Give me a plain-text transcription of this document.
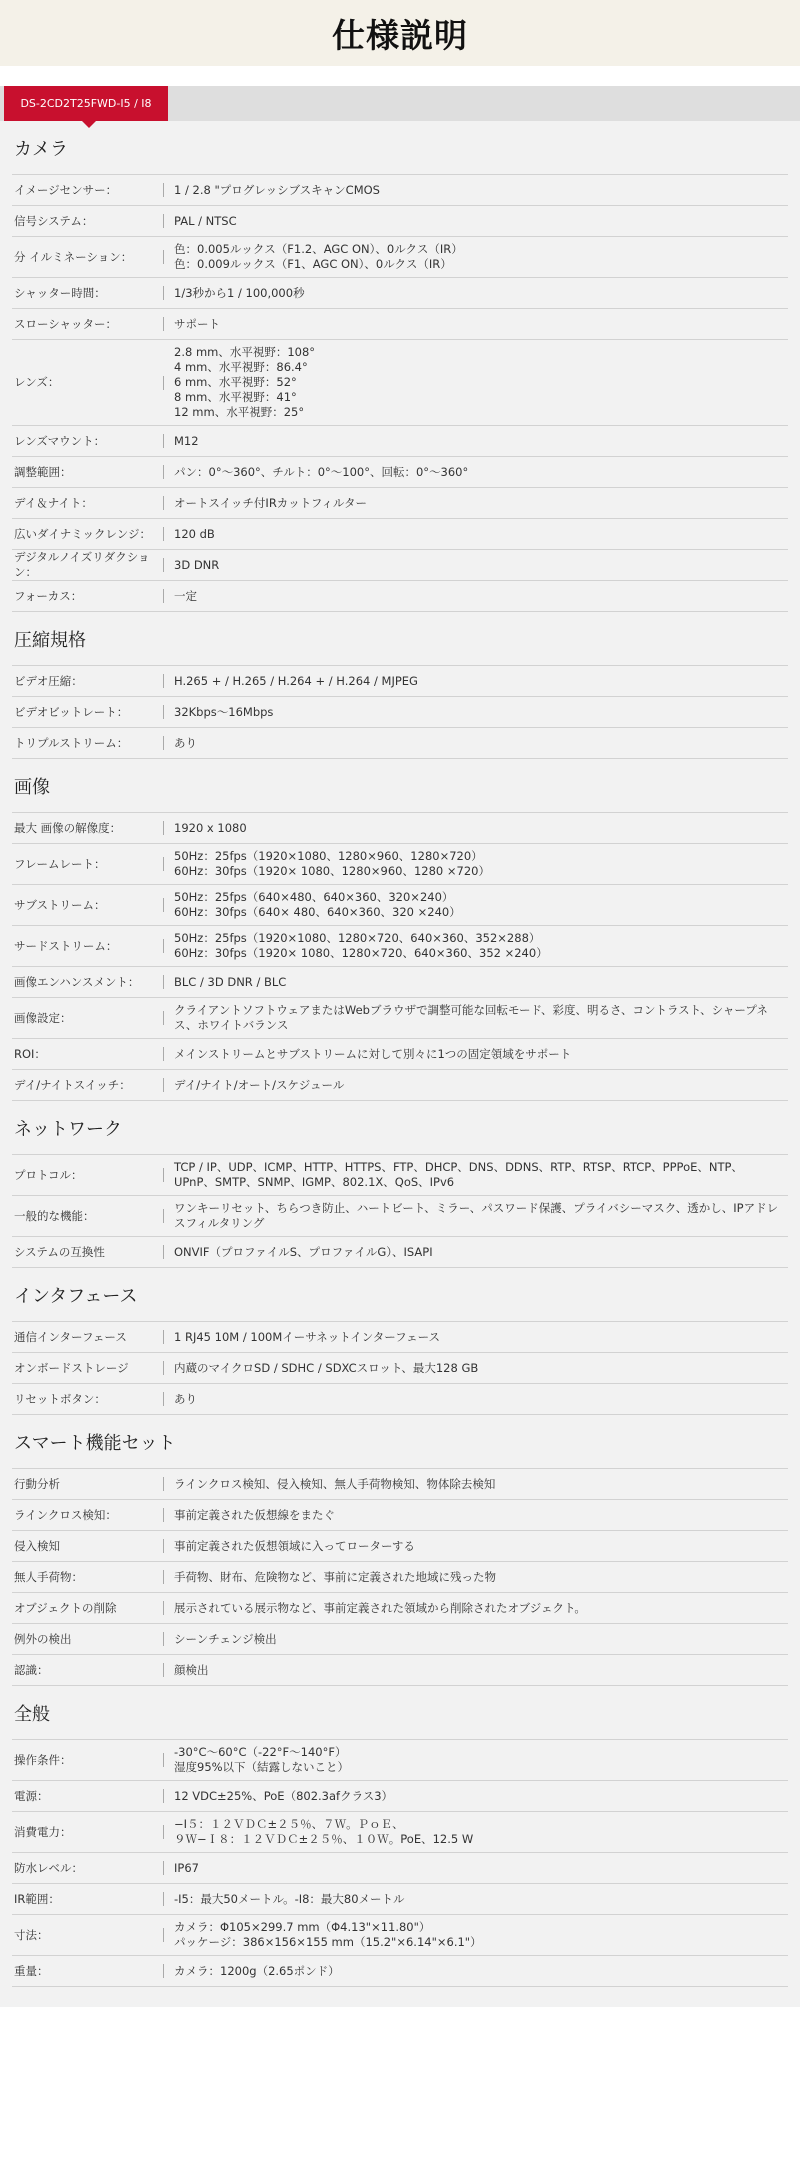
仕様説明
DS-2CD2T25FWD-I5 / I8
カメラ
イメージセンサー：	1 / 2.8 "プログレッシブスキャンCMOS
信号システム：	PAL / NTSC
分 イルミネーション：
色：0.005ルックス（F1.2、AGC ON）、0ルクス（IR）
色：0.009ルックス（F1、AGC ON）、0ルクス（IR）
シャッター時間：	1/3秒から1 / 100,000秒
スローシャッター：	サポート
レンズ：
2.8 mm、水平視野：108°
4 mm、水平視野：86.4°
6 mm、水平視野：52°
8 mm、水平視野：41°
12 mm、水平視野：25°
レンズマウント：	M12
調整範囲：	パン：0°〜360°、チルト：0°〜100°、回転：0°〜360°
デイ＆ナイト：	オートスイッチ付IRカットフィルター
広いダイナミックレンジ：	120 dB
デジタルノイズリダクション：
3D DNR
フォーカス：	一定
圧縮規格
ビデオ圧縮：	H.265 + / H.265 / H.264 + / H.264 / MJPEG
ビデオビットレート：	32Kbps〜16Mbps
トリプルストリーム：	あり
画像
最大 画像の解像度：	1920 x 1080
フレームレート：
50Hz：25fps（1920×1080、1280×960、1280×720）
60Hz：30fps（1920× 1080、1280×960、1280 ×720）
サブストリーム：
50Hz：25fps（640×480、640×360、320×240）
60Hz：30fps（640× 480、640×360、320 ×240）
サードストリーム：
50Hz：25fps（1920×1080、1280×720、640×360、352×288）
60Hz：30fps（1920× 1080、1280×720、640×360、352 ×240）
画像エンハンスメント：	BLC / 3D DNR / BLC
画像設定：
クライアントソフトウェアまたはWebブラウザで調整可能な回転モード、彩度、明るさ、コントラスト、シャープネス、ホワイトバランス
ROI：	メインストリームとサブストリームに対して別々に1つの固定領域をサポート
デイ/ナイトスイッチ：	デイ/ナイト/オート/スケジュール
ネットワーク
プロトコル：
TCP / IP、UDP、ICMP、HTTP、HTTPS、FTP、DHCP、DNS、DDNS、RTP、RTSP、RTCP、PPPoE、NTP、UPnP、SMTP、SNMP、IGMP、802.1X、QoS、IPv6
一般的な機能：
ワンキーリセット、ちらつき防止、ハートビート、ミラー、パスワード保護、プライバシーマスク、透かし、IPアドレスフィルタリング
システムの互換性	ONVIF（プロファイルS、プロファイルG）、ISAPI
インタフェース
通信インターフェース	1 RJ45 10M / 100Mイーサネットインターフェース
オンボードストレージ	内蔵のマイクロSD / SDHC / SDXCスロット、最大128 GB
リセットボタン：	あり
スマート機能セット
行動分析	ラインクロス検知、侵入検知、無人手荷物検知、物体除去検知
ラインクロス検知：	事前定義された仮想線をまたぐ
侵入検知	事前定義された仮想領域に入ってローターする
無人手荷物：	手荷物、財布、危険物など、事前に定義された地域に残った物
オブジェクトの削除	展示されている展示物など、事前定義された領域から削除されたオブジェクト。
例外の検出	シーンチェンジ検出
認識：	顔検出
全般
操作条件：
-30°C〜60°C（-22°F〜140°F）
湿度95%以下（結露しないこと）
電源：	12 VDC±25%、PoE（802.3afクラス3）
消費電力：
−I５：１２ＶＤＣ±２５％、７Ｗ。ＰｏＥ、
９Ｗ−Ｉ８：１２ＶＤＣ±２５％、１０Ｗ。PoE、12.5 W
防水レベル：	IP67
IR範囲：	-I5：最大50メートル。-I8：最大80メートル
寸法：
カメラ：Φ105×299.7 mm（Φ4.13"×11.80"）
パッケージ：386×156×155 mm（15.2"×6.14"×6.1"）
重量：	カメラ：1200g（2.65ポンド）
